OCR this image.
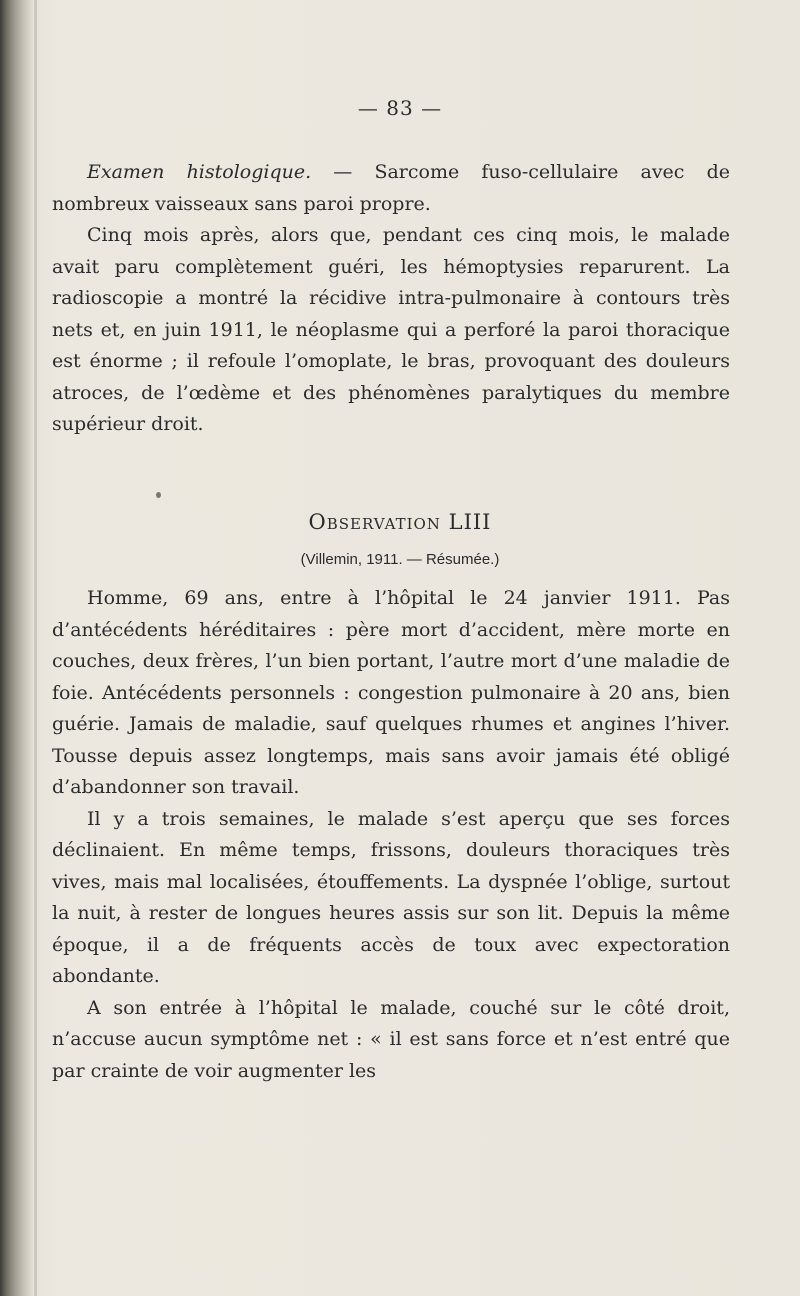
— 83 —

Examen histologique. — Sarcome fuso-cellulaire avec de nombreux vaisseaux sans paroi propre.

Cinq mois après, alors que, pendant ces cinq mois, le malade avait paru complètement guéri, les hémoptysies reparurent. La radioscopie a montré la récidive intra-pulmonaire à contours très nets et, en juin 1911, le néoplasme qui a perforé la paroi thoracique est énorme ; il refoule l’omoplate, le bras, provoquant des douleurs atroces, de l’œdème et des phénomènes paralytiques du membre supérieur droit.

Observation LIII
(Villemin, 1911. — Résumée.)

Homme, 69 ans, entre à l’hôpital le 24 janvier 1911. Pas d’antécédents héréditaires : père mort d’accident, mère morte en couches, deux frères, l’un bien portant, l’autre mort d’une maladie de foie. Antécédents personnels : congestion pulmonaire à 20 ans, bien guérie. Jamais de maladie, sauf quelques rhumes et angines l’hiver. Tousse depuis assez longtemps, mais sans avoir jamais été obligé d’abandonner son travail.

Il y a trois semaines, le malade s’est aperçu que ses forces déclinaient. En même temps, frissons, douleurs thoraciques très vives, mais mal localisées, étouffements. La dyspnée l’oblige, surtout la nuit, à rester de longues heures assis sur son lit. Depuis la même époque, il a de fréquents accès de toux avec expectoration abondante.

A son entrée à l’hôpital le malade, couché sur le côté droit, n’accuse aucun symptôme net : « il est sans force et n’est entré que par crainte de voir augmenter les
